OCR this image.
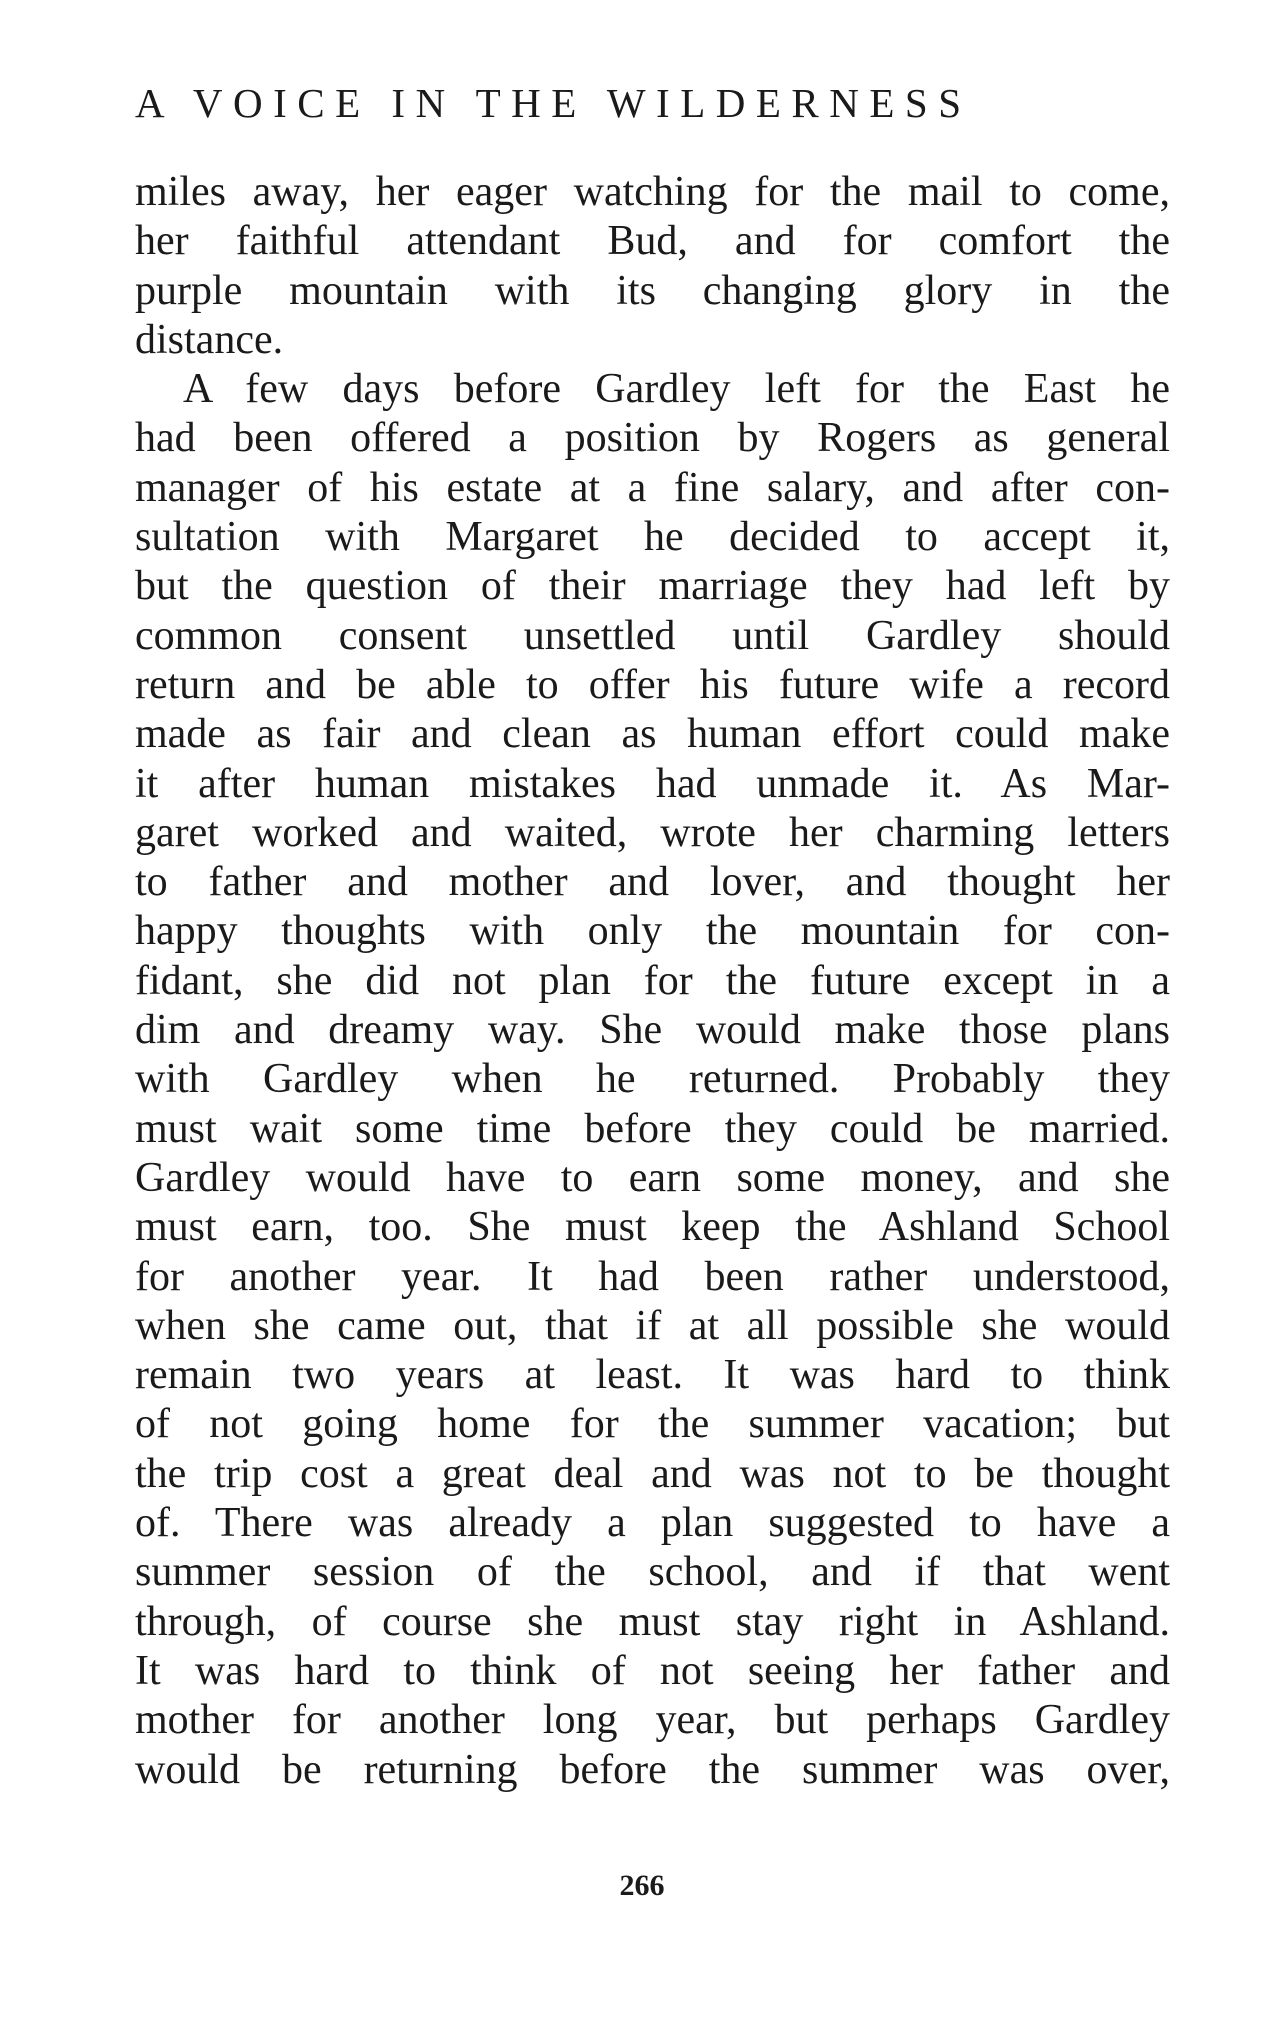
A VOICE IN THE WILDERNESS
miles away, her eager watching for the mail to come,
her faithful attendant Bud, and for comfort the
purple mountain with its changing glory in the
distance.
A few days before Gardley left for the East he
had been offered a position by Rogers as general
manager of his estate at a fine salary, and after con-
sultation with Margaret he decided to accept it,
but the question of their marriage they had left by
common consent unsettled until Gardley should
return and be able to offer his future wife a record
made as fair and clean as human effort could make
it after human mistakes had unmade it. As Mar-
garet worked and waited, wrote her charming letters
to father and mother and lover, and thought her
happy thoughts with only the mountain for con-
fidant, she did not plan for the future except in a
dim and dreamy way. She would make those plans
with Gardley when he returned. Probably they
must wait some time before they could be married.
Gardley would have to earn some money, and she
must earn, too. She must keep the Ashland School
for another year. It had been rather understood,
when she came out, that if at all possible she would
remain two years at least. It was hard to think
of not going home for the summer vacation; but
the trip cost a great deal and was not to be thought
of. There was already a plan suggested to have a
summer session of the school, and if that went
through, of course she must stay right in Ashland.
It was hard to think of not seeing her father and
mother for another long year, but perhaps Gardley
would be returning before the summer was over,
266
